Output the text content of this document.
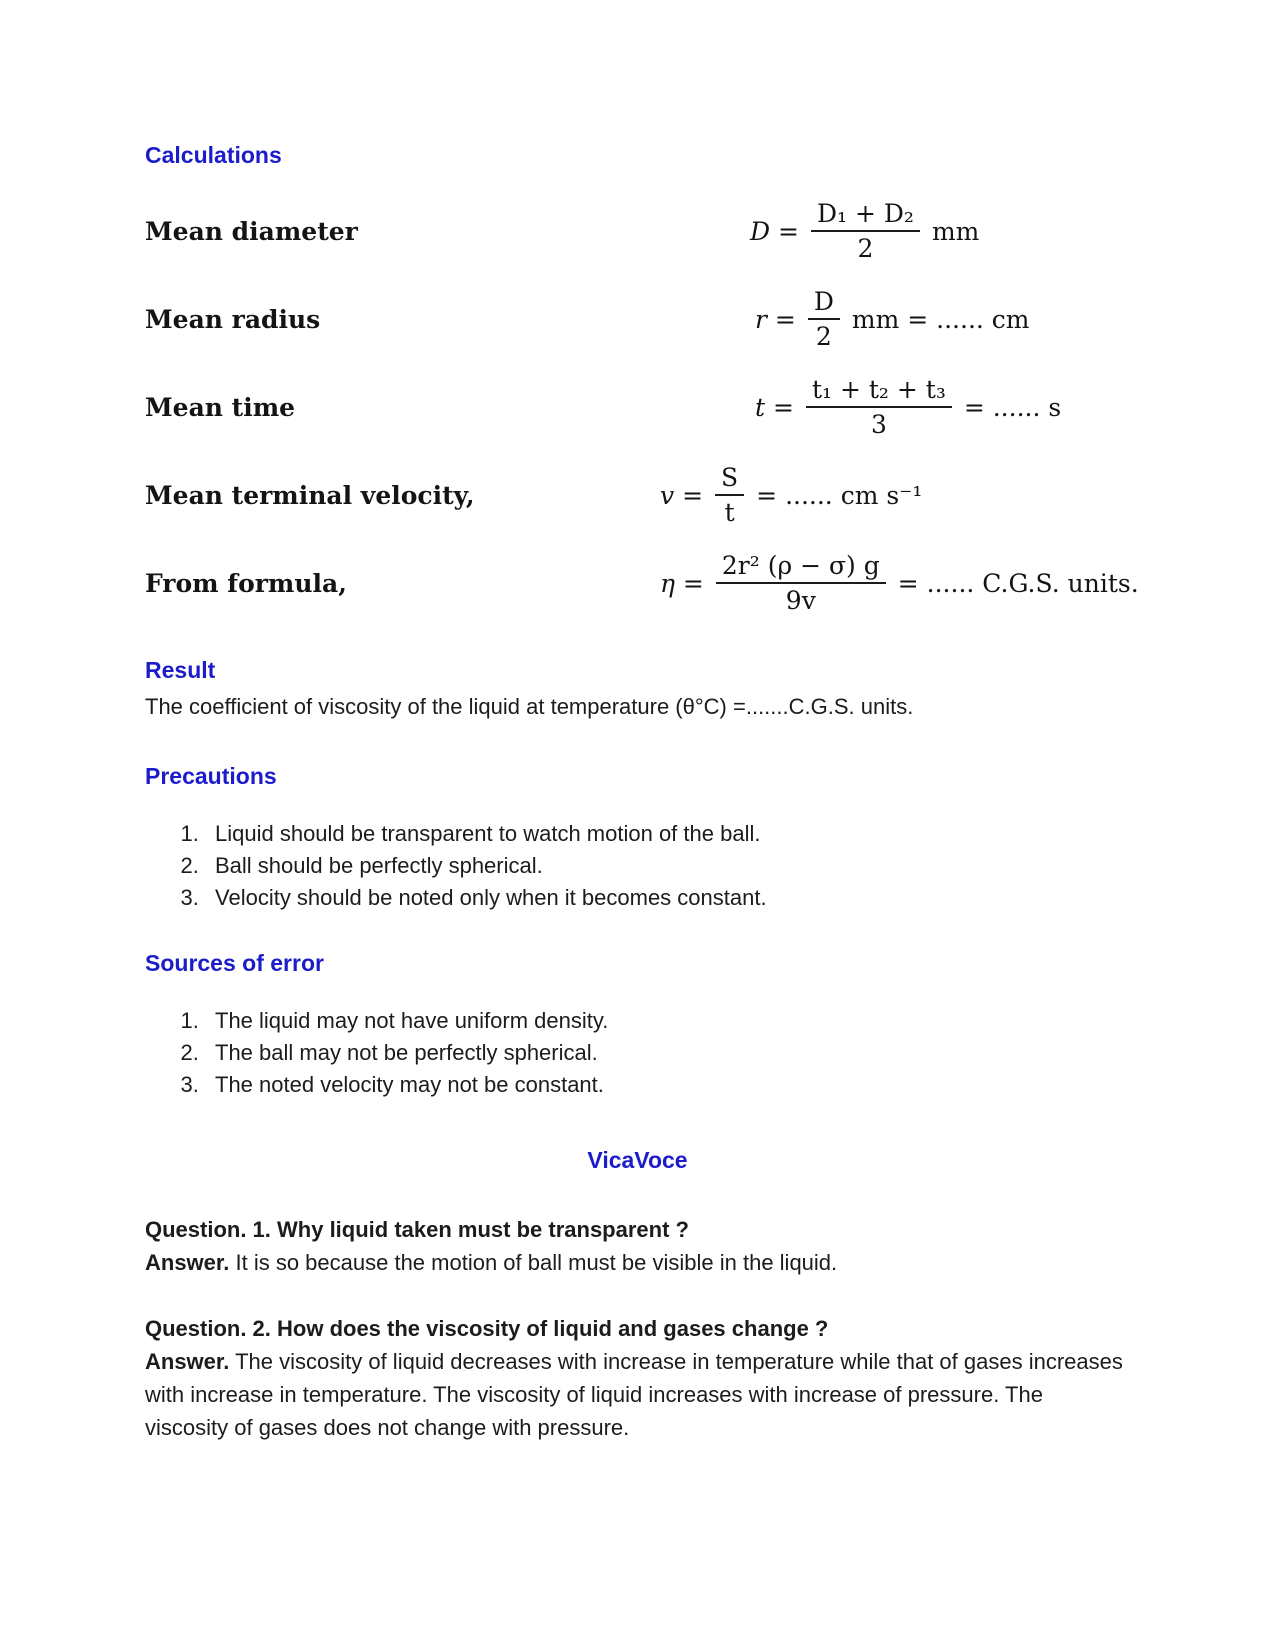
Calculations
Mean diameter	$D = \frac{\text{D₁ + D₂}}{2}$ mm
Mean radius	$r = \frac{D}{2}$ mm = ...... cm
Mean time	$t = \frac{\text{t₁ + t₂ + t₃}}{3}$ = ...... s
Mean terminal velocity,	$v = \frac{S}{t}$ = ...... cm s⁻¹
From formula,	$\eta = \frac{\text{2r² (ρ − σ) g}}{9v}$ = ...... C.G.S. units.
Result

The coefficient of viscosity of the liquid at temperature (θ°C) =.......C.G.S. units.

Precautions
1. Liquid should be transparent to watch motion of the ball.
2. Ball should be perfectly spherical.
3. Velocity should be noted only when it becomes constant.
Sources of error
1. The liquid may not have uniform density.
2. The ball may not be perfectly spherical.
3. The noted velocity may not be constant.
VicaVoce

Question. 1. Why liquid taken must be transparent ?

Answer. It is so because the motion of ball must be visible in the liquid.

Question. 2. How does the viscosity of liquid and gases change ?

Answer. The viscosity of liquid decreases with increase in temperature while that of gases increases with increase in temperature. The viscosity of liquid increases with increase of pressure. The viscosity of gases does not change with pressure.
